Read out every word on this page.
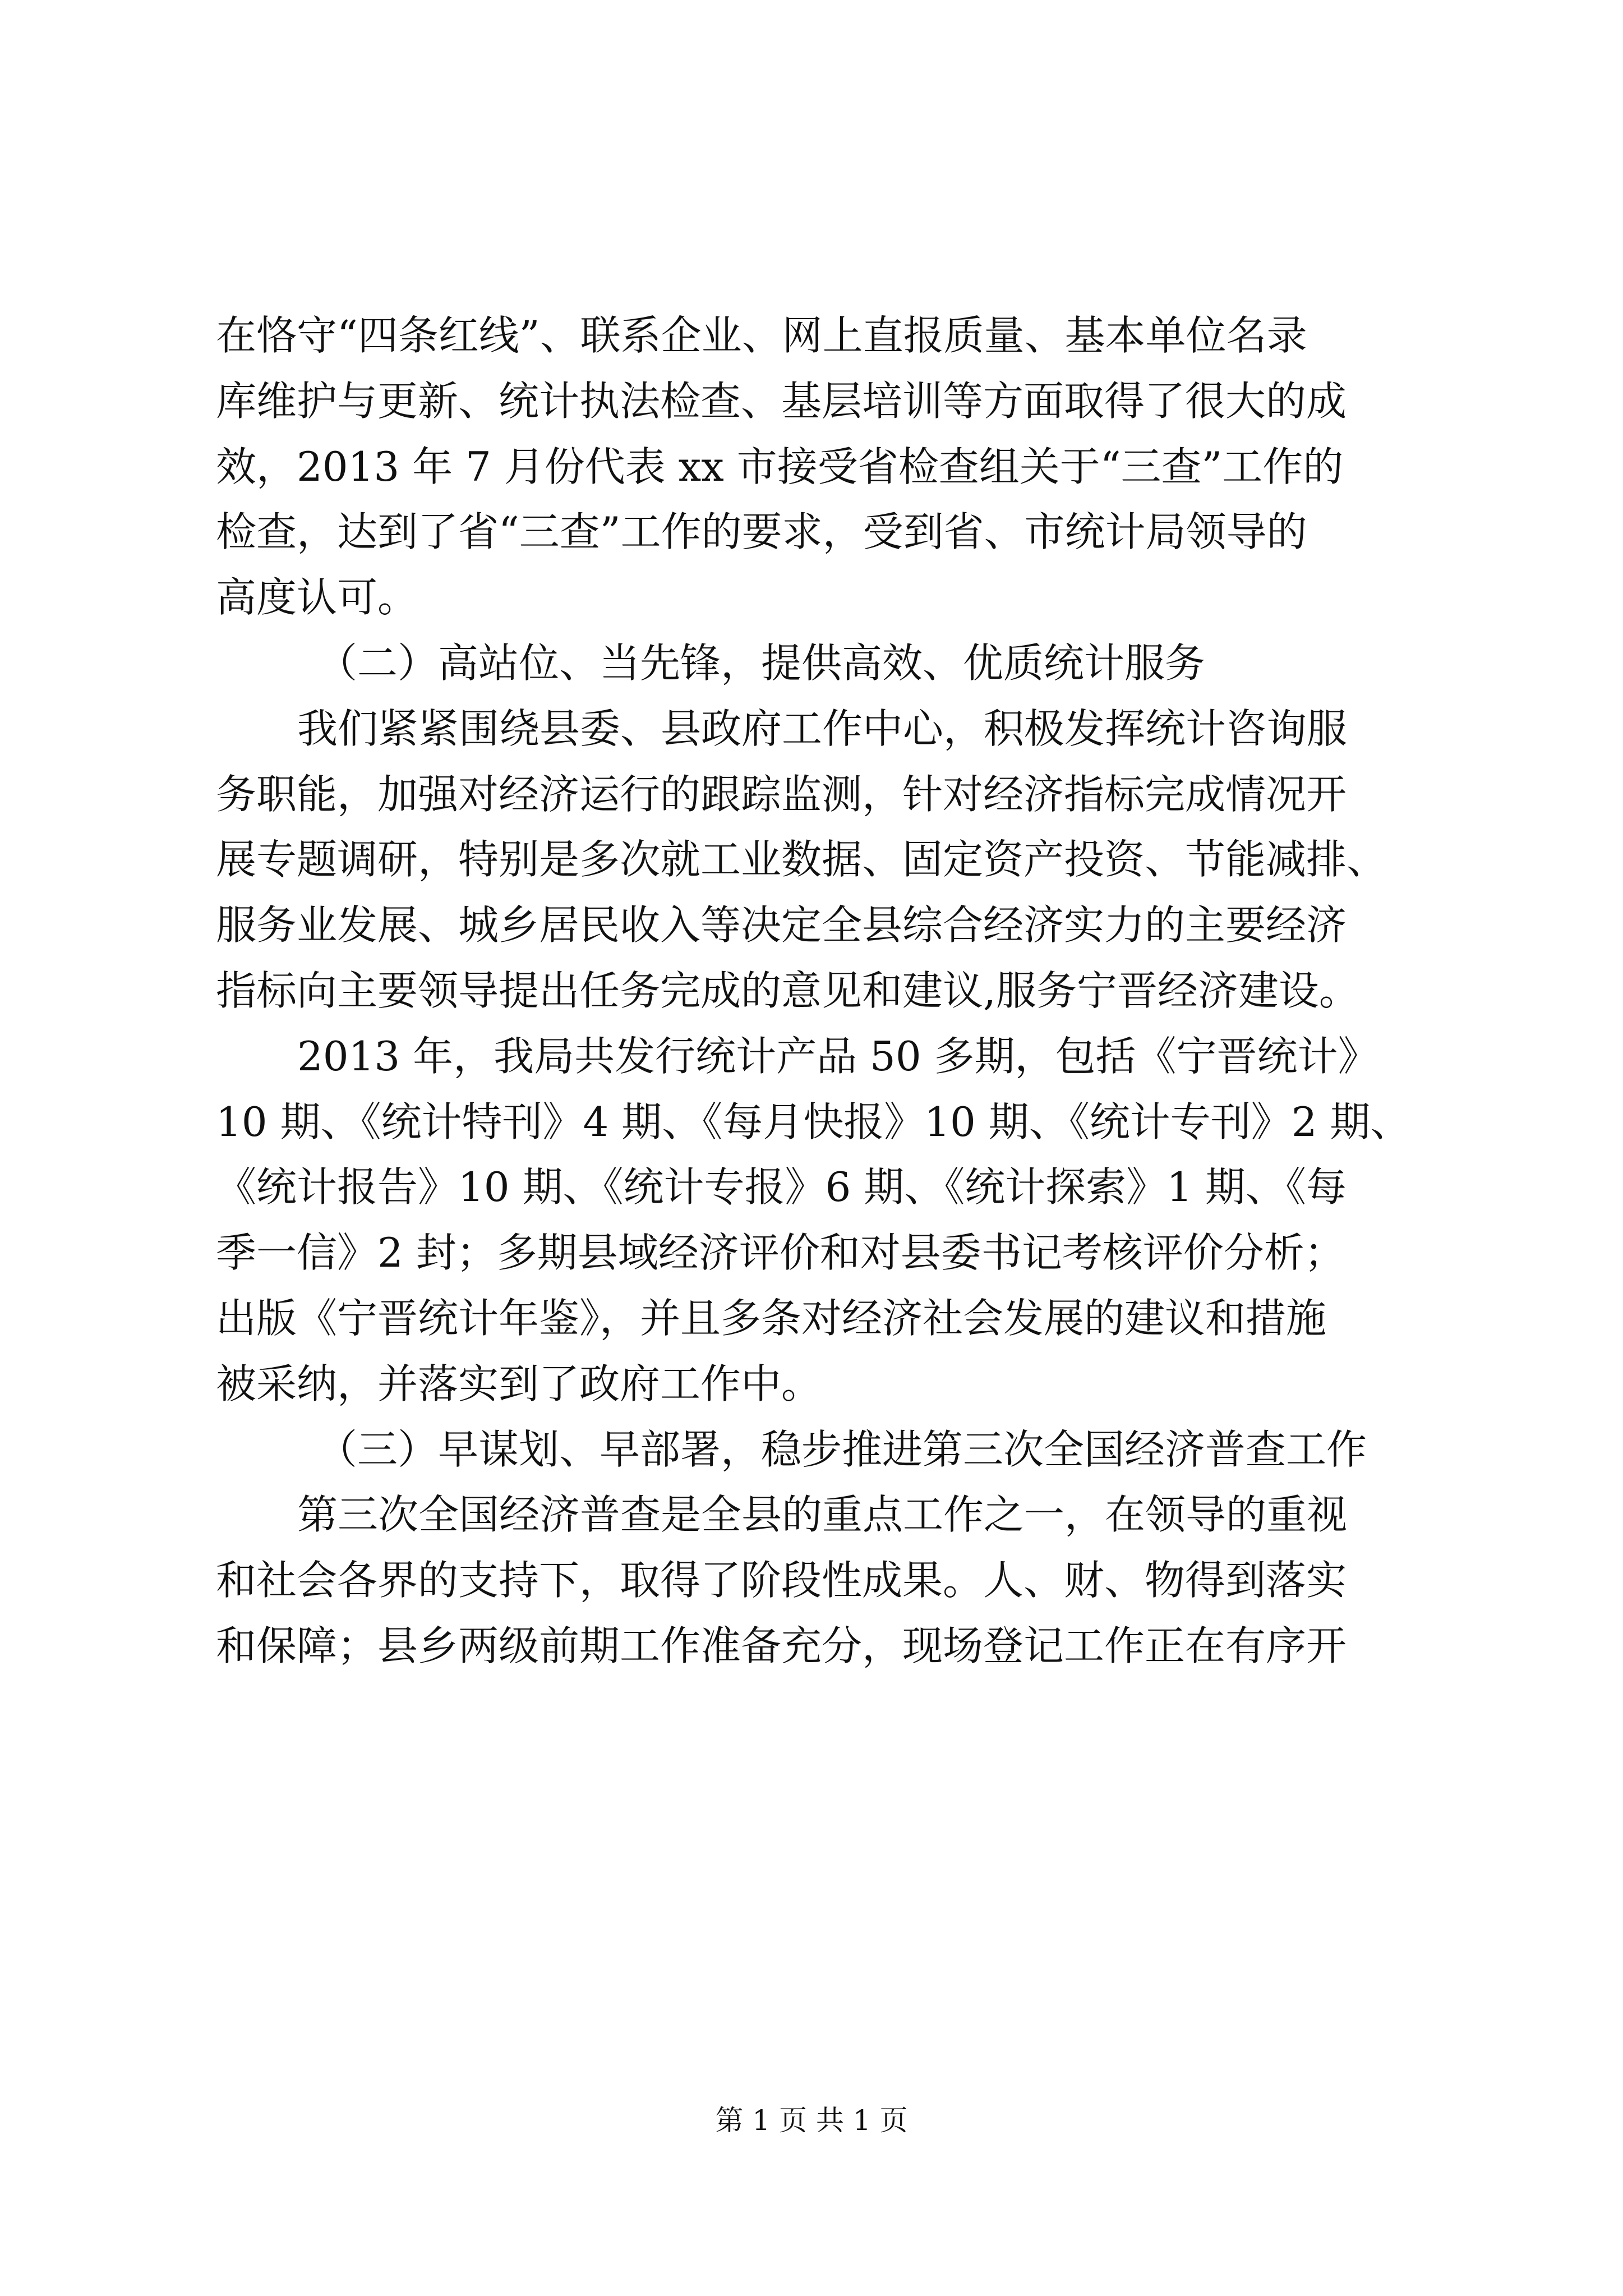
在恪守“四条红线”、联系企业、网上直报质量、基本单位名录
库维护与更新、统计执法检查、基层培训等方面取得了很大的成
效，2013 年 7 月份代表 xx 市接受省检查组关于“三查”工作的
检查，达到了省“三查”工作的要求，受到省、市统计局领导的
高度认可。
（二）高站位、当先锋，提供高效、优质统计服务
我们紧紧围绕县委、县政府工作中心，积极发挥统计咨询服
务职能，加强对经济运行的跟踪监测，针对经济指标完成情况开
展专题调研，特别是多次就工业数据、固定资产投资、节能减排、
服务业发展、城乡居民收入等决定全县综合经济实力的主要经济
指标向主要领导提出任务完成的意见和建议,服务宁晋经济建设。
2013 年，我局共发行统计产品 50 多期，包括《宁晋统计》
10 期、《统计特刊》4 期、《每月快报》10 期、《统计专刊》2 期、
《统计报告》10 期、《统计专报》6 期、《统计探索》1 期、《每
季一信》2 封；多期县域经济评价和对县委书记考核评价分析；
出版《宁晋统计年鉴》，并且多条对经济社会发展的建议和措施
被采纳，并落实到了政府工作中。
（三）早谋划、早部署，稳步推进第三次全国经济普查工作
第三次全国经济普查是全县的重点工作之一，在领导的重视
和社会各界的支持下，取得了阶段性成果。人、财、物得到落实
和保障；县乡两级前期工作准备充分，现场登记工作正在有序开
第 1 页 共 1 页
